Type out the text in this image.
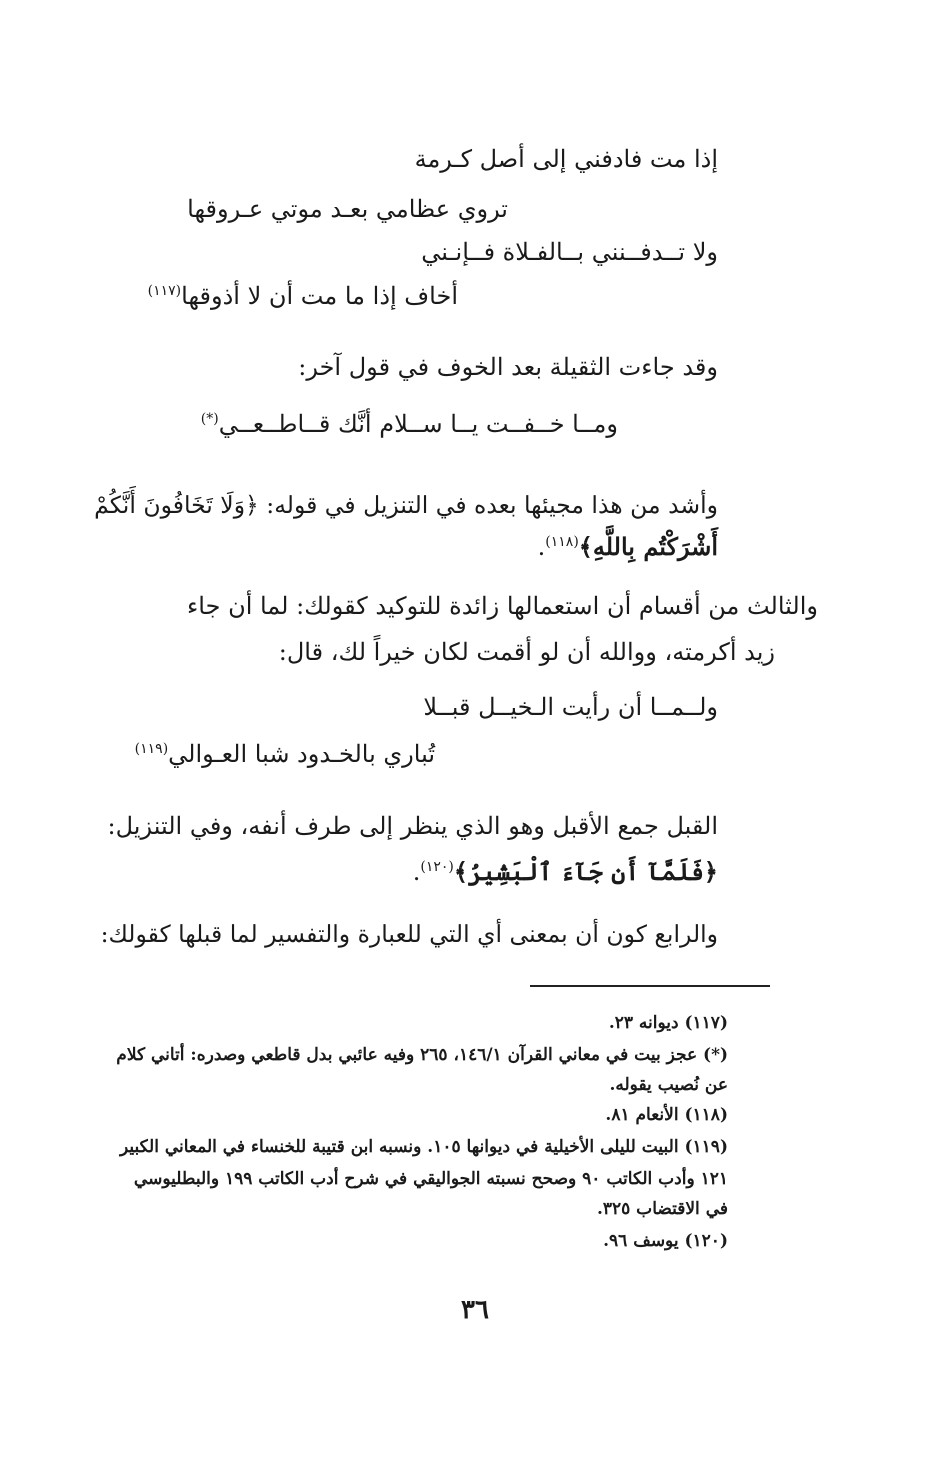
إذا مت فادفني إلى أصل كـرمة

تروي عظامي بعـد موتي عـروقها

ولا تــدفــنني بــالفـلاة فــإنـني

أخاف إذا ما مت أن لا أذوقها$^{(١١٧)}$

وقد جاءت الثقيلة بعد الخوف في قول آخر:

ومــا خــفــت يــا ســلام أنَّك قــاطــعــي(*)

وأشد من هذا مجيئها بعده في التنزيل في قوله: ﴿وَلَا تَخَافُونَ أَنَّكُمْ

أَشْرَكْتُم بِاللَّهِ﴾$^{(١١٨)}$.

والثالث من أقسام أن استعمالها زائدة للتوكيد كقولك: لما أن جاء

زيد أكرمته، ووالله أن لو أقمت لكان خيراً لك، قال:

ولــمــا أن رأيت الـخيــل قبــلا

تُباري بالخـدود شبا العـوالي$^{(١١٩)}$

القبل جمع الأقبل وهو الذي ينظر إلى طرف أنفه، وفي التنزيل:

﴿فَلَمَّآ أَن جَآءَ ٱلْبَشِيرُ﴾$^{(١٢٠)}$.

والرابع كون أن بمعنى أي التي للعبارة والتفسير لما قبلها كقولك:

(١١٧) ديوانه ٢٣.

(*) عجز بيت في معاني القرآن ١٤٦/١، ٢٦٥ وفيه عائبي بدل قاطعي وصدره: أتاني كلام

عن نُصيب يقوله.

(١١٨) الأنعام ٨١.

(١١٩) البيت لليلى الأخيلية في ديوانها ١٠٥. ونسبه ابن قتيبة للخنساء في المعاني الكبير

١٢١ وأدب الكاتب ٩٠ وصحح نسبته الجواليقي في شرح أدب الكاتب ١٩٩ والبطليوسي

في الاقتضاب ٣٢٥.

(١٢٠) يوسف ٩٦.

٣٦
